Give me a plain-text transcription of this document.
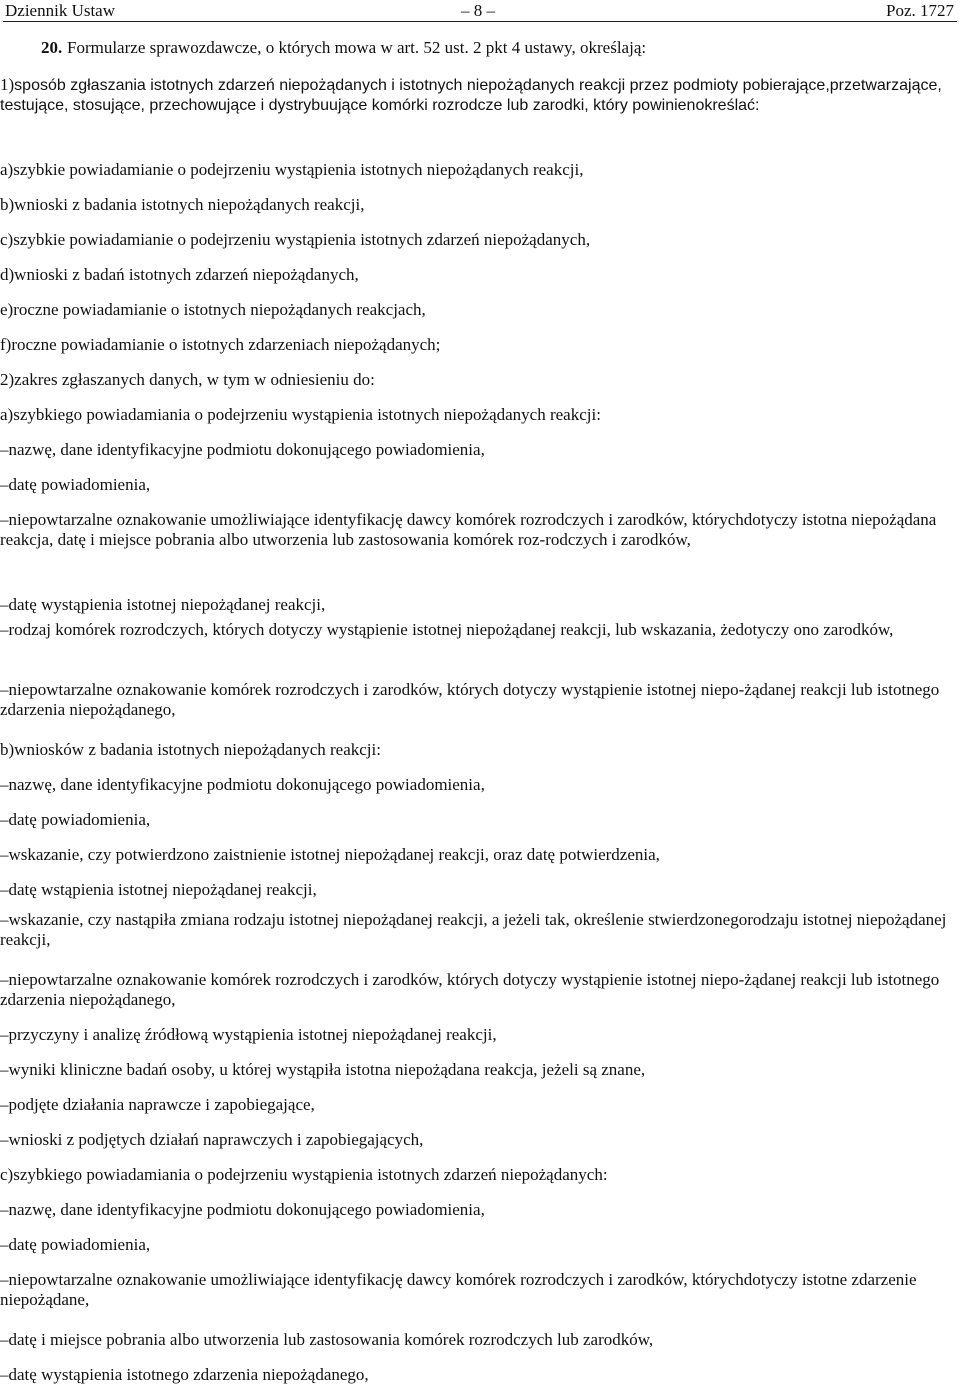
Dziennik Ustaw	– 8 –	Poz. 1727
20. Formularze sprawozdawcze, o których mowa w art. 52 ust. 2 pkt 4 ustawy, określają:
1)sposób zgłaszania istotnych zdarzeń niepożądanych i istotnych niepożądanych reakcji przez podmioty pobierające,przetwarzające, testujące, stosujące, przechowujące i dystrybuujące komórki rozrodcze lub zarodki, który powinienokreślać:
a)szybkie powiadamianie o podejrzeniu wystąpienia istotnych niepożądanych reakcji,
b)wnioski z badania istotnych niepożądanych reakcji,
c)szybkie powiadamianie o podejrzeniu wystąpienia istotnych zdarzeń niepożądanych,
d)wnioski z badań istotnych zdarzeń niepożądanych,
e)roczne powiadamianie o istotnych niepożądanych reakcjach,
f)roczne powiadamianie o istotnych zdarzeniach niepożądanych;
2)zakres zgłaszanych danych, w tym w odniesieniu do:
a)szybkiego powiadamiania o podejrzeniu wystąpienia istotnych niepożądanych reakcji:
–nazwę, dane identyfikacyjne podmiotu dokonującego powiadomienia,
–datę powiadomienia,
–niepowtarzalne oznakowanie umożliwiające identyfikację dawcy komórek rozrodczych i zarodków, którychdotyczy istotna niepożądana reakcja, datę i miejsce pobrania albo utworzenia lub zastosowania komórek roz-rodczych i zarodków,
–datę wystąpienia istotnej niepożądanej reakcji,
–rodzaj komórek rozrodczych, których dotyczy wystąpienie istotnej niepożądanej reakcji, lub wskazania, żedotyczy ono zarodków,
–niepowtarzalne oznakowanie komórek rozrodczych i zarodków, których dotyczy wystąpienie istotnej niepo-żądanej reakcji lub istotnego zdarzenia niepożądanego,
b)wniosków z badania istotnych niepożądanych reakcji:
–nazwę, dane identyfikacyjne podmiotu dokonującego powiadomienia,
–datę powiadomienia,
–wskazanie, czy potwierdzono zaistnienie istotnej niepożądanej reakcji, oraz datę potwierdzenia,
–datę wstąpienia istotnej niepożądanej reakcji,
–wskazanie, czy nastąpiła zmiana rodzaju istotnej niepożądanej reakcji, a jeżeli tak, określenie stwierdzonegorodzaju istotnej niepożądanej reakcji,
–niepowtarzalne oznakowanie komórek rozrodczych i zarodków, których dotyczy wystąpienie istotnej niepo-żądanej reakcji lub istotnego zdarzenia niepożądanego,
–przyczyny i analizę źródłową wystąpienia istotnej niepożądanej reakcji,
–wyniki kliniczne badań osoby, u której wystąpiła istotna niepożądana reakcja, jeżeli są znane,
–podjęte działania naprawcze i zapobiegające,
–wnioski z podjętych działań naprawczych i zapobiegających,
c)szybkiego powiadamiania o podejrzeniu wystąpienia istotnych zdarzeń niepożądanych:
–nazwę, dane identyfikacyjne podmiotu dokonującego powiadomienia,
–datę powiadomienia,
–niepowtarzalne oznakowanie umożliwiające identyfikację dawcy komórek rozrodczych i zarodków, którychdotyczy istotne zdarzenie niepożądane,
–datę i miejsce pobrania albo utworzenia lub zastosowania komórek rozrodczych lub zarodków,
–datę wystąpienia istotnego zdarzenia niepożądanego,
